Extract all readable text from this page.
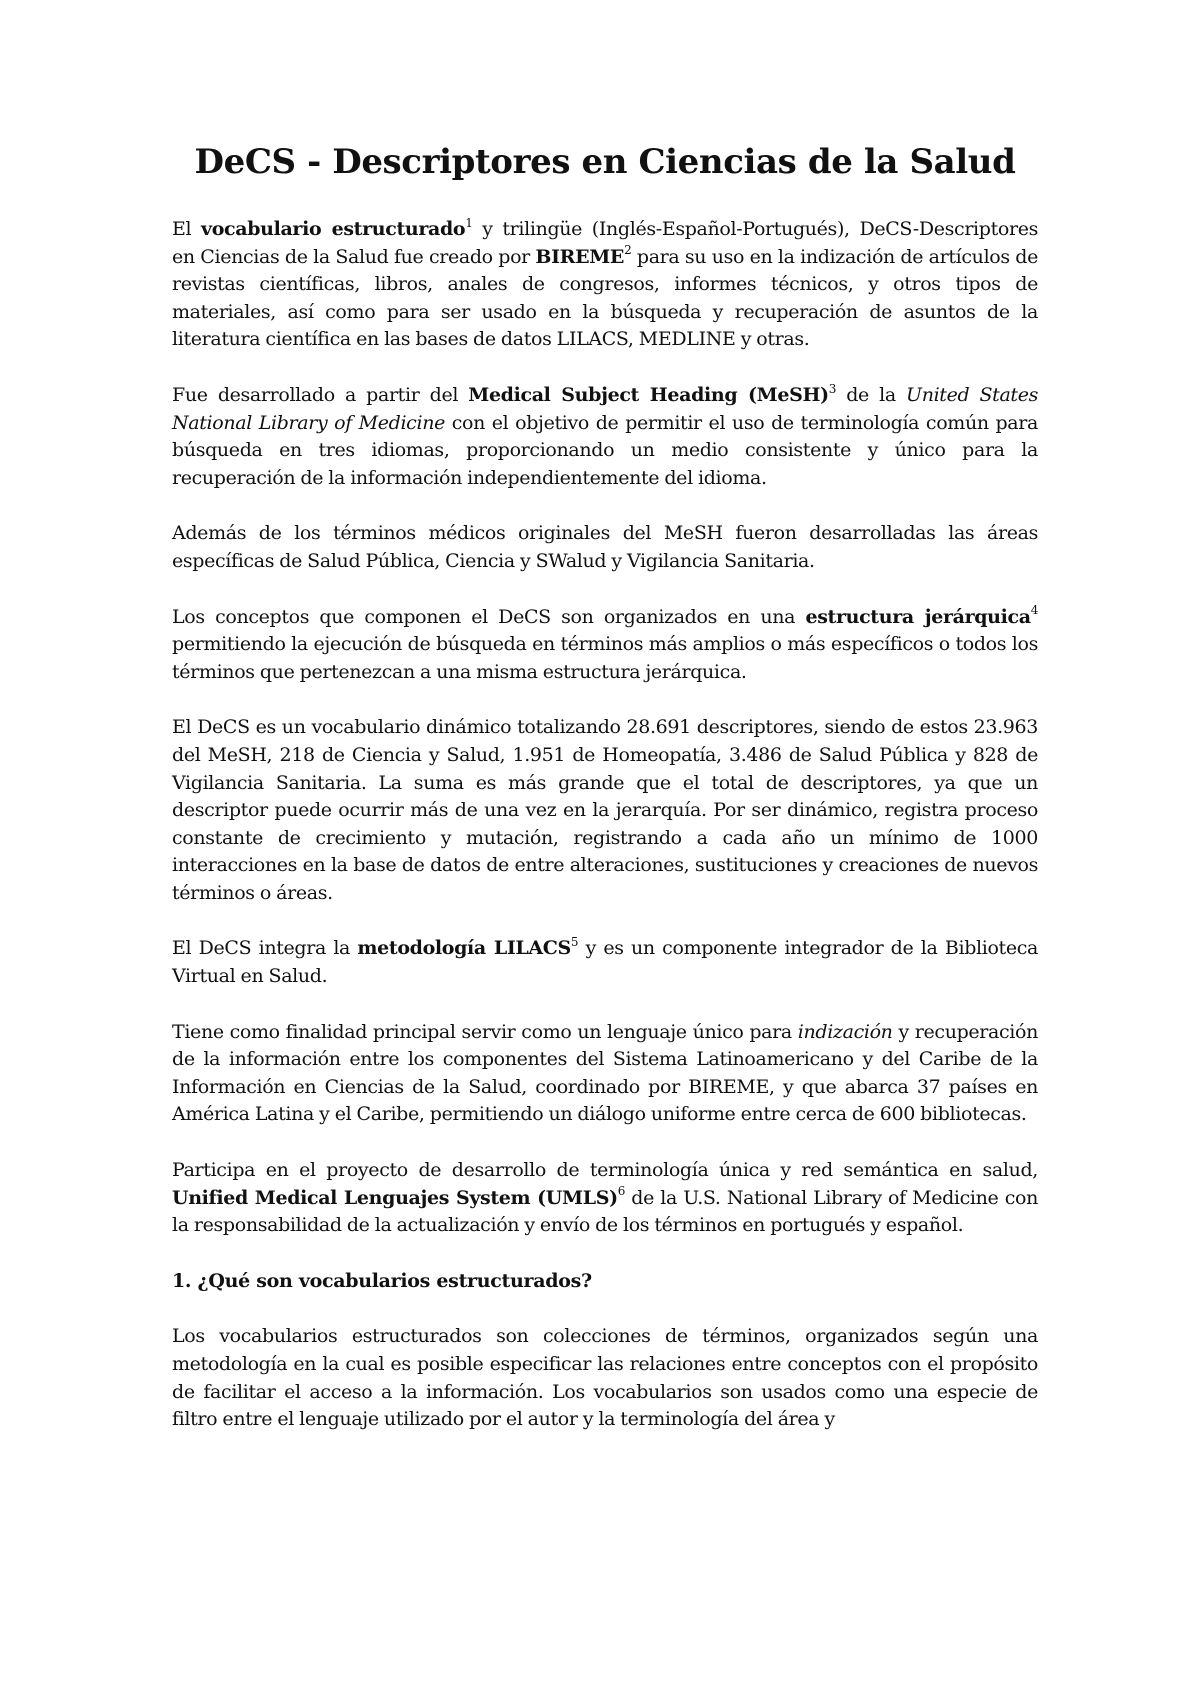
DeCS - Descriptores en Ciencias de la Salud

El vocabulario estructurado$^1$ y trilingüe (Inglés-Español-Portugués), DeCS-Descriptores en Ciencias de la Salud fue creado por BIREME$^2$ para su uso en la indización de artículos de revistas científicas, libros, anales de congresos, informes técnicos, y otros tipos de materiales, así como para ser usado en la búsqueda y recuperación de asuntos de la literatura científica en las bases de datos LILACS, MEDLINE y otras.

Fue desarrollado a partir del Medical Subject Heading (MeSH)$^3$ de la United States National Library of Medicine con el objetivo de permitir el uso de terminología común para búsqueda en tres idiomas, proporcionando un medio consistente y único para la recuperación de la información independientemente del idioma.

Además de los términos médicos originales del MeSH fueron desarrolladas las áreas específicas de Salud Pública, Ciencia y SWalud y Vigilancia Sanitaria.

Los conceptos que componen el DeCS son organizados en una estructura jerárquica$^4$ permitiendo la ejecución de búsqueda en términos más amplios o más específicos o todos los términos que pertenezcan a una misma estructura jerárquica.

El DeCS es un vocabulario dinámico totalizando 28.691 descriptores, siendo de estos 23.963 del MeSH, 218 de Ciencia y Salud, 1.951 de Homeopatía, 3.486 de Salud Pública y 828 de Vigilancia Sanitaria. La suma es más grande que el total de descriptores, ya que un descriptor puede ocurrir más de una vez en la jerarquía. Por ser dinámico, registra proceso constante de crecimiento y mutación, registrando a cada año un mínimo de 1000 interacciones en la base de datos de entre alteraciones, sustituciones y creaciones de nuevos términos o áreas.

El DeCS integra la metodología LILACS$^5$ y es un componente integrador de la Biblioteca Virtual en Salud.

Tiene como finalidad principal servir como un lenguaje único para indización y recuperación de la información entre los componentes del Sistema Latinoamericano y del Caribe de la Información en Ciencias de la Salud, coordinado por BIREME, y que abarca 37 países en América Latina y el Caribe, permitiendo un diálogo uniforme entre cerca de 600 bibliotecas.

Participa en el proyecto de desarrollo de terminología única y red semántica en salud, Unified Medical Lenguajes System (UMLS)$^6$ de la U.S. National Library of Medicine con la responsabilidad de la actualización y envío de los términos en portugués y español.

1. ¿Qué son vocabularios estructurados?

Los vocabularios estructurados son colecciones de términos, organizados según una metodología en la cual es posible especificar las relaciones entre conceptos con el propósito de facilitar el acceso a la información. Los vocabularios son usados como una especie de filtro entre el lenguaje utilizado por el autor y la terminología del área y
